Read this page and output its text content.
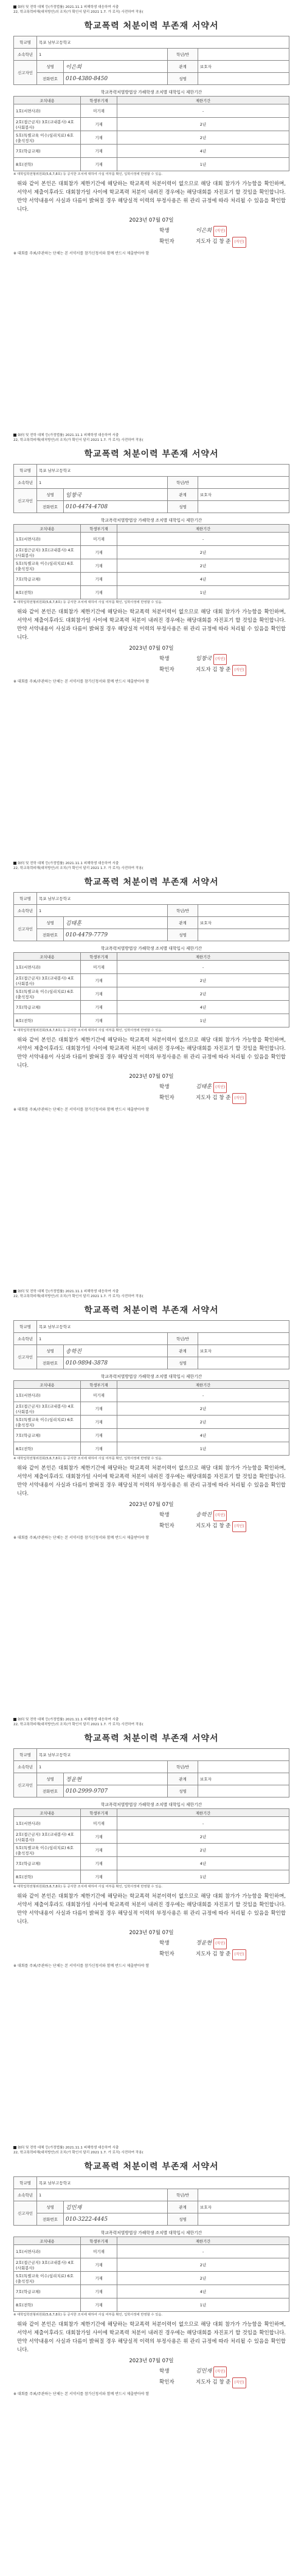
如何 및 전학 대체 등(가정법률) 2021.11.1 피해학생 대응하여 서출
22, 학교폭력피해(대처방안)의 조치(가 확인서 달리 2021 1.7. 가 로직) 사전하여 작용(
학교폭력 처분이력 부존재 서약서
학교명	목포 남부고등학교			
소속학년	1		학년/반	
신고자인	성명	이은희	관계	보호자
	전화번호	010-4380-8450	성명	
학교폭력처벌방법상 가해학생 조치별 대학입시 제한기간
조치내용	학생부기재	제한기간
1호(서면사과)	미기재	-
2호(접근금지) 3호(교내봉사) 4호(사회봉사)	기재	2년
5호(특별교육 이수/심리치료) 6호(출석정지)	기재	2년
7호(학급교체)	기재	4년
8호(전학)	기재	1년
※ 대학입학전형위원회(5,6,7,8호) 등 공식한 조치에 대하여 사실 여부를 확인, 입학사정에 반영할 수 있음.
위와 같이 본인은 대회참가 제한기간에 해당하는 학교폭력 처분이력이 없으므로 해당 대회 참가가 가능함을 확인하며, 서약서 제출이후라도 대회참가일 사이에 학교폭력 처분이 내려진 경우에는 해당대회를 자진포기 할 것임을 확인합니다. 만약 서약내용이 사실과 다름이 밝혀질 경우 해당실적 이력의 부정사용은 위 관리 규정에 따라 처리될 수 있음을 확인합니다.
2023년 07월 07일
학생	이은희 (직인)
확인자	지도자 김 창 준 (직인)
※ 대회를 주최/주관하는 단체는 본 서약서를 참가신청서와 함께 반드시 제출받아야 함
如何 및 전학 대체 등(가정법률) 2021.11.1 피해학생 대응하여 서출
22, 학교폭력피해(대처방안)의 조치(가 확인서 달리 2021 1.7. 가 로직) 사전하여 작용(
학교폭력 처분이력 부존재 서약서
학교명	목포 남부고등학교			
소속학년	1		학년/반	
신고자인	성명	임창국	관계	보호자
	전화번호	010-4474-4708	성명	
학교폭력처벌방법상 가해학생 조치별 대학입시 제한기간
조치내용	학생부기재	제한기간
1호(서면사과)	미기재	-
2호(접근금지) 3호(교내봉사) 4호(사회봉사)	기재	2년
5호(특별교육 이수/심리치료) 6호(출석정지)	기재	2년
7호(학급교체)	기재	4년
8호(전학)	기재	1년
※ 대학입학전형위원회(5,6,7,8호) 등 공식한 조치에 대하여 사실 여부를 확인, 입학사정에 반영할 수 있음.
위와 같이 본인은 대회참가 제한기간에 해당하는 학교폭력 처분이력이 없으므로 해당 대회 참가가 가능함을 확인하며, 서약서 제출이후라도 대회참가일 사이에 학교폭력 처분이 내려진 경우에는 해당대회를 자진포기 할 것임을 확인합니다. 만약 서약내용이 사실과 다름이 밝혀질 경우 해당실적 이력의 부정사용은 위 관리 규정에 따라 처리될 수 있음을 확인합니다.
2023년 07월 07일
학생	임창국 (직인)
확인자	지도자 김 창 준 (직인)
※ 대회를 주최/주관하는 단체는 본 서약서를 참가신청서와 함께 반드시 제출받아야 함
如何 및 전학 대체 등(가정법률) 2021.11.1 피해학생 대응하여 서출
22, 학교폭력피해(대처방안)의 조치(가 확인서 달리 2021 1.7. 가 로직) 사전하여 작용(
학교폭력 처분이력 부존재 서약서
학교명	목포 남부고등학교			
소속학년	1		학년/반	
신고자인	성명	김태훈	관계	보호자
	전화번호	010-4479-7779	성명	
학교폭력처벌방법상 가해학생 조치별 대학입시 제한기간
조치내용	학생부기재	제한기간
1호(서면사과)	미기재	-
2호(접근금지) 3호(교내봉사) 4호(사회봉사)	기재	2년
5호(특별교육 이수/심리치료) 6호(출석정지)	기재	2년
7호(학급교체)	기재	4년
8호(전학)	기재	1년
※ 대학입학전형위원회(5,6,7,8호) 등 공식한 조치에 대하여 사실 여부를 확인, 입학사정에 반영할 수 있음.
위와 같이 본인은 대회참가 제한기간에 해당하는 학교폭력 처분이력이 없으므로 해당 대회 참가가 가능함을 확인하며, 서약서 제출이후라도 대회참가일 사이에 학교폭력 처분이 내려진 경우에는 해당대회를 자진포기 할 것임을 확인합니다. 만약 서약내용이 사실과 다름이 밝혀질 경우 해당실적 이력의 부정사용은 위 관리 규정에 따라 처리될 수 있음을 확인합니다.
2023년 07월 07일
학생	김태훈 (직인)
확인자	지도자 김 창 준 (직인)
※ 대회를 주최/주관하는 단체는 본 서약서를 참가신청서와 함께 반드시 제출받아야 함
如何 및 전학 대체 등(가정법률) 2021.11.1 피해학생 대응하여 서출
22, 학교폭력피해(대처방안)의 조치(가 확인서 달리 2021 1.7. 가 로직) 사전하여 작용(
학교폭력 처분이력 부존재 서약서
학교명	목포 남부고등학교			
소속학년	1		학년/반	
신고자인	성명	송학진	관계	보호자
	전화번호	010-9894-3878	성명	
학교폭력처벌방법상 가해학생 조치별 대학입시 제한기간
조치내용	학생부기재	제한기간
1호(서면사과)	미기재	-
2호(접근금지) 3호(교내봉사) 4호(사회봉사)	기재	2년
5호(특별교육 이수/심리치료) 6호(출석정지)	기재	2년
7호(학급교체)	기재	4년
8호(전학)	기재	1년
※ 대학입학전형위원회(5,6,7,8호) 등 공식한 조치에 대하여 사실 여부를 확인, 입학사정에 반영할 수 있음.
위와 같이 본인은 대회참가 제한기간에 해당하는 학교폭력 처분이력이 없으므로 해당 대회 참가가 가능함을 확인하며, 서약서 제출이후라도 대회참가일 사이에 학교폭력 처분이 내려진 경우에는 해당대회를 자진포기 할 것임을 확인합니다. 만약 서약내용이 사실과 다름이 밝혀질 경우 해당실적 이력의 부정사용은 위 관리 규정에 따라 처리될 수 있음을 확인합니다.
2023년 07월 07일
학생	송학진 (직인)
확인자	지도자 김 창 준 (직인)
※ 대회를 주최/주관하는 단체는 본 서약서를 참가신청서와 함께 반드시 제출받아야 함
如何 및 전학 대체 등(가정법률) 2021.11.1 피해학생 대응하여 서출
22, 학교폭력피해(대처방안)의 조치(가 확인서 달리 2021 1.7. 가 로직) 사전하여 작용(
학교폭력 처분이력 부존재 서약서
학교명	목포 남부고등학교			
소속학년	1		학년/반	
신고자인	성명	정윤현	관계	보호자
	전화번호	010-2999-9707	성명	
학교폭력처벌방법상 가해학생 조치별 대학입시 제한기간
조치내용	학생부기재	제한기간
1호(서면사과)	미기재	-
2호(접근금지) 3호(교내봉사) 4호(사회봉사)	기재	2년
5호(특별교육 이수/심리치료) 6호(출석정지)	기재	2년
7호(학급교체)	기재	4년
8호(전학)	기재	1년
※ 대학입학전형위원회(5,6,7,8호) 등 공식한 조치에 대하여 사실 여부를 확인, 입학사정에 반영할 수 있음.
위와 같이 본인은 대회참가 제한기간에 해당하는 학교폭력 처분이력이 없으므로 해당 대회 참가가 가능함을 확인하며, 서약서 제출이후라도 대회참가일 사이에 학교폭력 처분이 내려진 경우에는 해당대회를 자진포기 할 것임을 확인합니다. 만약 서약내용이 사실과 다름이 밝혀질 경우 해당실적 이력의 부정사용은 위 관리 규정에 따라 처리될 수 있음을 확인합니다.
2023년 07월 07일
학생	정윤현 (직인)
확인자	지도자 김 창 준 (직인)
※ 대회를 주최/주관하는 단체는 본 서약서를 참가신청서와 함께 반드시 제출받아야 함
如何 및 전학 대체 등(가정법률) 2021.11.1 피해학생 대응하여 서출
22, 학교폭력피해(대처방안)의 조치(가 확인서 달리 2021 1.7. 가 로직) 사전하여 작용(
학교폭력 처분이력 부존재 서약서
학교명	목포 남부고등학교			
소속학년	1		학년/반	
신고자인	성명	김민재	관계	보호자
	전화번호	010-3222-4445	성명	
학교폭력처벌방법상 가해학생 조치별 대학입시 제한기간
조치내용	학생부기재	제한기간
1호(서면사과)	미기재	-
2호(접근금지) 3호(교내봉사) 4호(사회봉사)	기재	2년
5호(특별교육 이수/심리치료) 6호(출석정지)	기재	2년
7호(학급교체)	기재	4년
8호(전학)	기재	1년
※ 대학입학전형위원회(5,6,7,8호) 등 공식한 조치에 대하여 사실 여부를 확인, 입학사정에 반영할 수 있음.
위와 같이 본인은 대회참가 제한기간에 해당하는 학교폭력 처분이력이 없으므로 해당 대회 참가가 가능함을 확인하며, 서약서 제출이후라도 대회참가일 사이에 학교폭력 처분이 내려진 경우에는 해당대회를 자진포기 할 것임을 확인합니다. 만약 서약내용이 사실과 다름이 밝혀질 경우 해당실적 이력의 부정사용은 위 관리 규정에 따라 처리될 수 있음을 확인합니다.
2023년 07월 07일
학생	김민재 (직인)
확인자	지도자 김 창 준 (직인)
※ 대회를 주최/주관하는 단체는 본 서약서를 참가신청서와 함께 반드시 제출받아야 함
